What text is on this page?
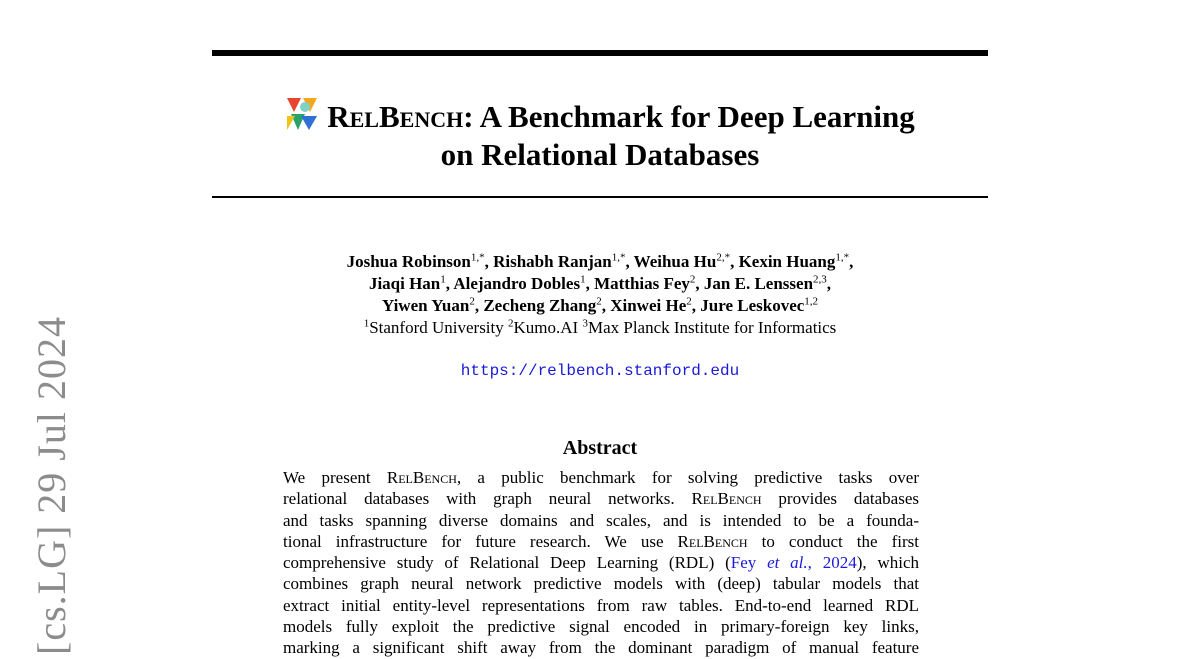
RelBench: A Benchmark for Deep Learning
on Relational Databases
Joshua Robinson$^{1,*}$, Rishabh Ranjan$^{1,*}$, Weihua $Hu^{2,*}$, Kexin Huang$^{1,*}$,
Jiaqi Han$^1$, Alejandro Dobles$^1$, Matthias Fey$^2$, Jan E. Lenssen$^{2,3}$,
Yiwen Yuan$^2$, Zecheng Zhang$^2$, Xinwei He$^2$, Jure Leskovec$^{1,2}$
$^1$Stanford University $^2$Kumo.AI $^3$Max Planck Institute for Informatics
https://relbench.stanford.edu
Abstract
We present RelBench, a public benchmark for solving predictive tasks over
relational databases with graph neural networks. RelBench provides databases
and tasks spanning diverse domains and scales, and is intended to be a founda-
tional infrastructure for future research. We use RelBench to conduct the first
comprehensive study of Relational Deep Learning (RDL) (Fey et al., 2024), which
combines graph neural network predictive models with (deep) tabular models that
extract initial entity-level representations from raw tables. End-to-end learned RDL
models fully exploit the predictive signal encoded in primary-foreign key links,
marking a significant shift away from the dominant paradigm of manual feature
[cs.LG] 29 Jul 2024
